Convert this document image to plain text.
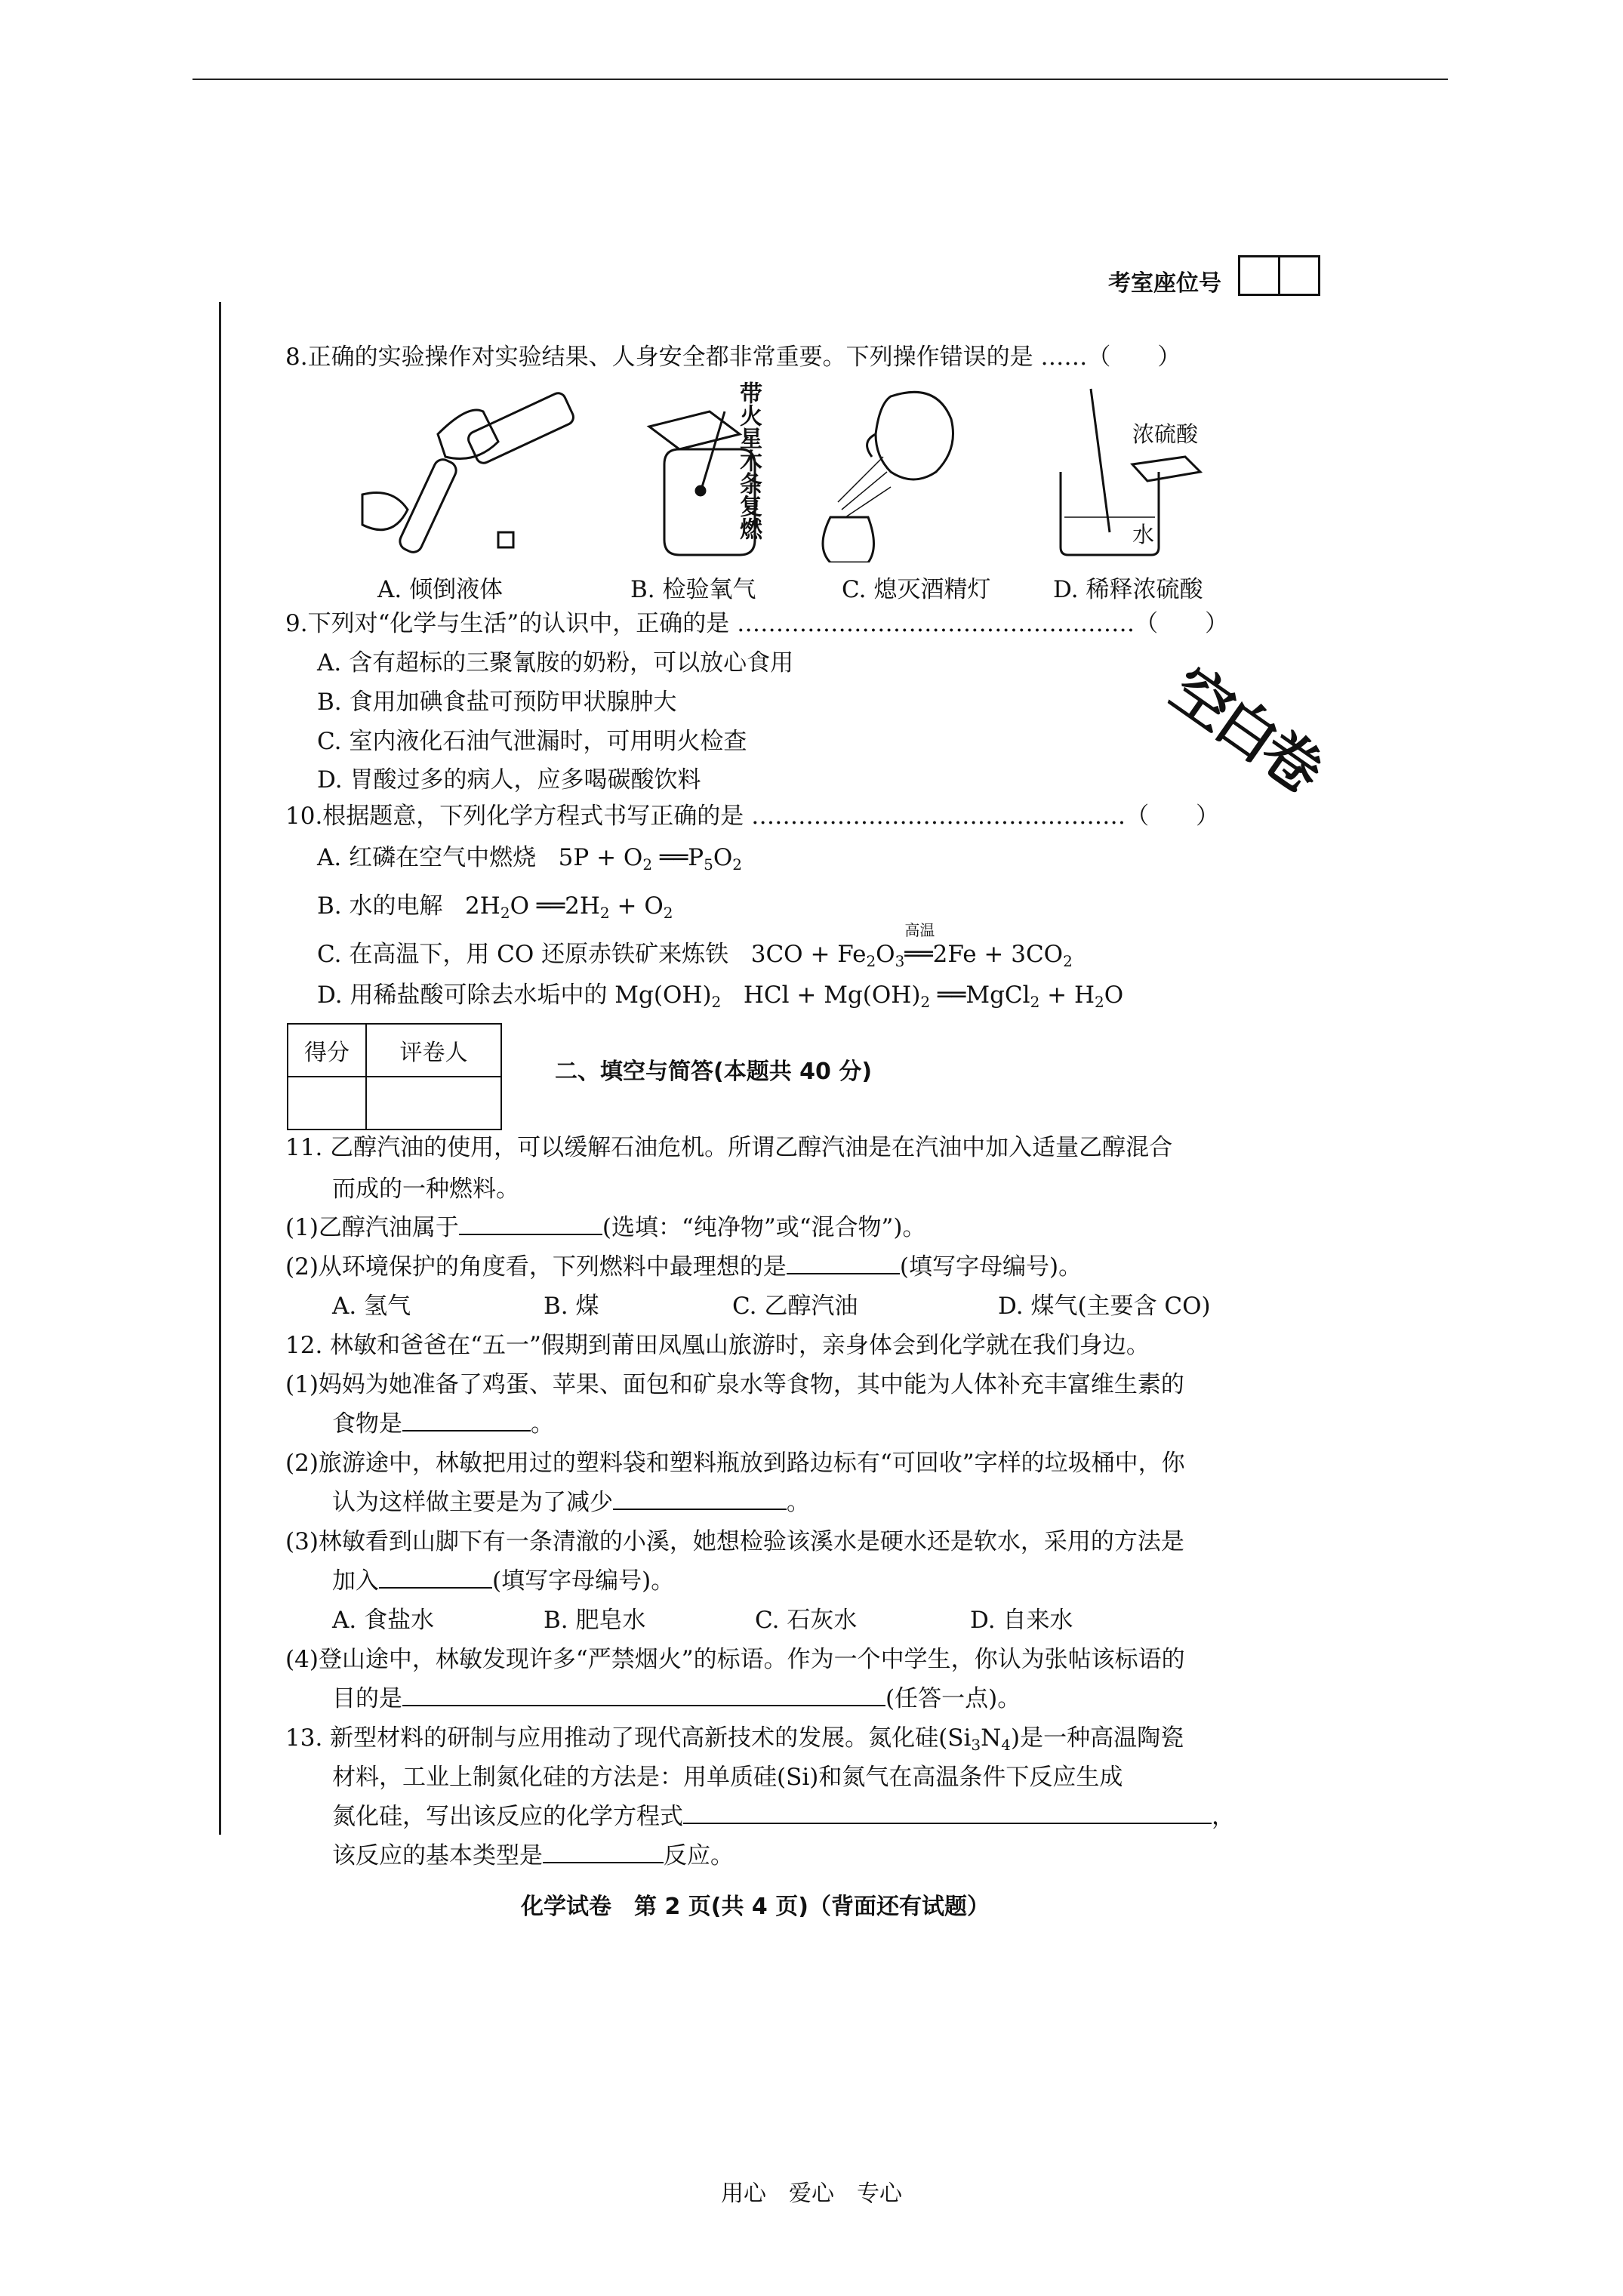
考室座位号
8.正确的实验操作对实验结果、人身安全都非常重要。下列操作错误的是 ……（　　）
带火星木条复燃	浓硫酸
水
A. 倾倒液体	B. 检验氧气	C. 熄灭酒精灯	D. 稀释浓硫酸
9.下列对“化学与生活”的认识中，正确的是 ……………………………………………（　　）
A. 含有超标的三聚氰胺的奶粉，可以放心食用
B. 食用加碘食盐可预防甲状腺肿大
C. 室内液化石油气泄漏时，可用明火检查
D. 胃酸过多的病人，应多喝碳酸饮料	空白卷
10.根据题意，下列化学方程式书写正确的是 …………………………………………（　　）
A. 红磷在空气中燃烧   $5P + O_2$ $══P_5O_2$
B. 水的电解   $2H_2O$ $══2H_2 + O_2$
C. 在高温下，用 CO 还原赤铁矿来炼铁   $3CO + Fe_2O_3$
高温
══2Fe + $3CO_2$
D. 用稀盐酸可除去水垢中的 $Mg(OH)_2$   HCl + $Mg(OH)_2$ ══MgCl$_2$ + $H_2O$
得分	评卷人

二、填空与简答(本题共 40 分)
11. 乙醇汽油的使用，可以缓解石油危机。所谓乙醇汽油是在汽油中加入适量乙醇混合
而成的一种燃料。
(1)乙醇汽油属于	(选填：“纯净物”或“混合物”)。
(2)从环境保护的角度看，下列燃料中最理想的是	(填写字母编号)。
A. 氢气	B. 煤	C. 乙醇汽油	D. 煤气(主要含 CO)
12. 林敏和爸爸在“五一”假期到莆田凤凰山旅游时，亲身体会到化学就在我们身边。
(1)妈妈为她准备了鸡蛋、苹果、面包和矿泉水等食物，其中能为人体补充丰富维生素的
食物是	。
(2)旅游途中，林敏把用过的塑料袋和塑料瓶放到路边标有“可回收”字样的垃圾桶中，你
认为这样做主要是为了减少	。
(3)林敏看到山脚下有一条清澈的小溪，她想检验该溪水是硬水还是软水，采用的方法是
加入	(填写字母编号)。
A. 食盐水	B. 肥皂水	C. 石灰水	D. 自来水
(4)登山途中，林敏发现许多“严禁烟火”的标语。作为一个中学生，你认为张帖该标语的
目的是	(任答一点)。
13. 新型材料的研制与应用推动了现代高新技术的发展。氮化硅$(Si_3N_4)$是一种高温陶瓷
材料，工业上制氮化硅的方法是：用单质硅(Si)和氮气在高温条件下反应生成
氮化硅，写出该反应的化学方程式	，
该反应的基本类型是	反应。
化学试卷　第 2 页(共 4 页)（背面还有试题）
用心　爱心　专心
